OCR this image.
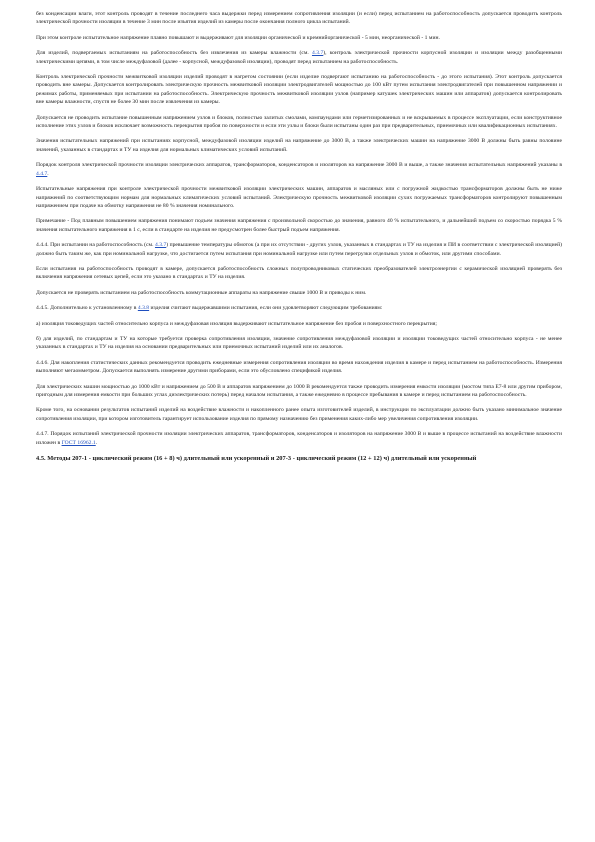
без конденсации влаги, этот контроль проводят в течение последнего часа выдержки перед измерением сопротивления изоляции (и если) перед испытанием на работоспособность допускается проводить контроль электрической прочности изоляции в течение 3 мин после изъятия изделий из камеры после окончания полного цикла испытаний.

При этом контроле испытательное напряжение плавно повышают и выдерживают для изоляции органической и кремнийорганической - 5 мин, неорганической - 1 мин.

Для изделий, подвергаемых испытаниям на работоспособность без извлечения из камеры влажности (см. 4.3.7), контроль электрической прочности корпусной изоляции и изоляции между разобщенными электрическими цепями, в том числе междуфазовой (далее - корпусной, междуфазовой изоляции), проводят перед испытанием на работоспособность.

Контроль электрической прочности межвитковой изоляции изделий проводят в нагретом состоянии (если изделие подвергают испытанию на работоспособность - до этого испытания). Этот контроль допускается проводить вне камеры. Допускается контролировать электрическую прочность межвитковой изоляции электродвигателей мощностью до 100 кВт путем испытания электродвигателей при повышенном напряжении и режимах работы, применяемых при испытании на работоспособность. Электрическую прочность межвитковой изоляции узлов (например катушек электрических машин или аппаратов) допускается контролировать вне камеры влажности, спустя не более 30 мин после извлечения из камеры.

Допускается не проводить испытание повышенным напряжением узлов и блоков, полностью залитых смолами, компаундами или герметизированных и не вскрываемых в процессе эксплуатации, если конструктивное исполнение этих узлов и блоков исключает возможность перекрытия пробоя по поверхности и если эти узлы и блоки были испытаны один раз при предварительных, приемочных или квалификационных испытаниях.

Значения испытательных напряжений при испытаниях корпусной, междуфазовой изоляции изделий на напряжение до 3000 В, а также электрических машин на напряжение 3000 В должны быть равны половине значений, указанных в стандартах и ТУ на изделия для нормальных климатических условий испытаний.

Порядок контроля электрической прочности изоляции электрических аппаратов, трансформаторов, конденсаторов и изоляторов на напряжение 3000 В и выше, а также значения испытательных напряжений указаны в 4.4.7.

Испытательные напряжения при контроле электрической прочности межвитковой изоляции электрических машин, аппаратов и масляных или с погружной жидкостью трансформаторов должны быть не ниже напряжений по соответствующим нормам для нормальных климатических условий испытаний. Электрическую прочность межвитковой изоляции сухих погружаемых трансформаторов контролируют повышенным напряжением при подаче на обмотку напряжения не 80 % значения номинального.

Примечание - Под плавным повышением напряжения понимают подъем значения напряжения с произвольной скоростью до значения, равного 40 % испытательного, и дальнейший подъем со скоростью порядка 5 % значения испытательного напряжения в 1 с, если в стандарте на изделия не предусмотрен более быстрый подъем напряжения.

4.4.4. При испытании на работоспособность (см. 4.3.7) превышение температуры обмоток (а при их отсутствии - других узлов, указанных в стандартах и ТУ на изделия и ПИ в соответствии с электрической изоляцией) должно быть таким же, как при номинальной нагрузке, что достигается путем испытания при номинальной нагрузке или путем перегрузки отдельных узлов и обмоток, или другими способами.

Если испытания на работоспособность проводят в камере, допускается работоспособность сложных полупроводниковых статических преобразователей электроэнергии с керамической изоляцией проверять без включения напряжения сетевых цепей, если это указано в стандартах и ТУ на изделия.

Допускается не проверять испытанием на работоспособность коммутационные аппараты на напряжение свыше 1000 В и приводы к ним.

4.4.5. Дополнительно к установленному в 4.3.8 изделия считают выдержавшими испытания, если они удовлетворяют следующим требованиям:

а) изоляция токоведущих частей относительно корпуса и междуфазовая изоляция выдерживают испытательное напряжение без пробоя и поверхностного перекрытия;

б) для изделий, по стандартам и ТУ на которые требуется проверка сопротивления изоляции, значение сопротивления междуфазовой изоляции и изоляции токоведущих частей относительно корпуса - не менее указанных в стандартах и ТУ на изделия на основании предварительных или приемочных испытаний изделий или их аналогов.

4.4.6. Для накопления статистических данных рекомендуется проводить ежедневные измерения сопротивления изоляции во время нахождения изделия в камере и перед испытанием на работоспособность. Измерения выполняют мегаомметром. Допускается выполнять измерение другими приборами, если это обусловлено спецификой изделия.

Для электрических машин мощностью до 1000 кВт и напряжением до 500 В и аппаратов напряжением до 1000 В рекомендуется также проводить измерения емкости изоляции (мостом типа Е7-8 или другим прибором, пригодным для измерения емкости при больших углах диэлектрических потерь) перед началом испытания, а также ежедневно в процессе пребывания в камере и перед испытанием на работоспособность.

Кроме того, на основании результатов испытаний изделий на воздействие влажности и накопленного ранее опыта изготовителей изделий, в инструкции по эксплуатации должно быть указано минимальное значение сопротивления изоляции, при котором изготовитель гарантирует использование изделия по прямому назначению без применения каких-либо мер увеличения сопротивления изоляции.

4.4.7. Порядок испытаний электрической прочности изоляции электрических аппаратов, трансформаторов, конденсаторов и изоляторов на напряжение 3000 В и выше в процессе испытаний на воздействие влажности изложен в ГОСТ 16962.1.

4.5. Методы 207-1 - циклический режим (16 + 8) ч) длительный или ускоренный и 207-3 - циклический режим (12 + 12) ч) длительный или ускоренный
